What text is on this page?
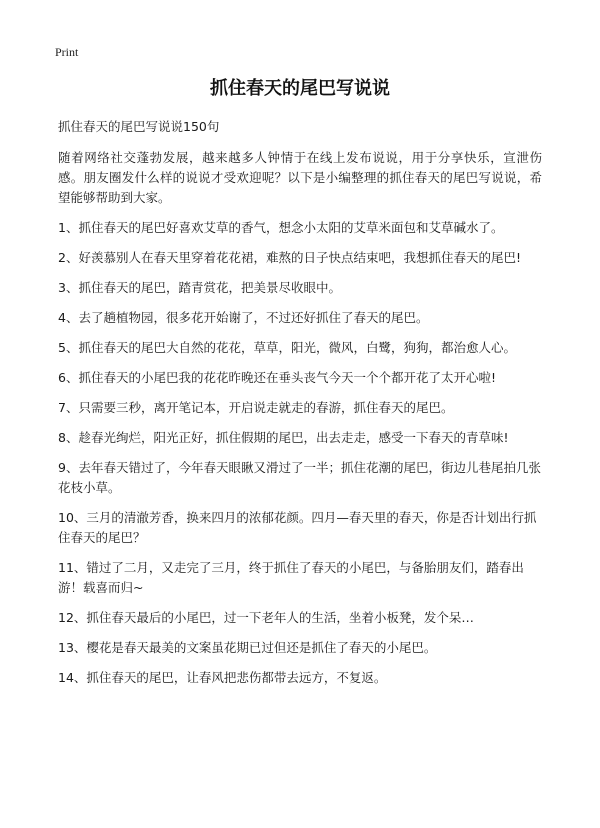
Print
抓住春天的尾巴写说说
抓住春天的尾巴写说说150句
随着网络社交蓬勃发展，越来越多人钟情于在线上发布说说，用于分享快乐，宣泄伤感。朋友圈发什么样的说说才受欢迎呢？以下是小编整理的抓住春天的尾巴写说说，希望能够帮助到大家。
1、抓住春天的尾巴好喜欢艾草的香气，想念小太阳的艾草米面包和艾草碱水了。
2、好羡慕别人在春天里穿着花花裙，难熬的日子快点结束吧，我想抓住春天的尾巴!
3、抓住春天的尾巴，踏青赏花，把美景尽收眼中。
4、去了趟植物园，很多花开始谢了，不过还好抓住了春天的尾巴。
5、抓住春天的尾巴大自然的花花，草草，阳光，微风，白鹭，狗狗，都治愈人心。
6、抓住春天的小尾巴我的花花昨晚还在垂头丧气今天一个个都开花了太开心啦!
7、只需要三秒，离开笔记本，开启说走就走的春游，抓住春天的尾巴。
8、趁春光绚烂，阳光正好，抓住假期的尾巴，出去走走，感受一下春天的青草味!
9、去年春天错过了，今年春天眼瞅又滑过了一半；抓住花潮的尾巴，街边儿巷尾拍几张花枝小草。
10、三月的清澈芳香，换来四月的浓郁花颜。四月—春天里的春天，你是否计划出行抓住春天的尾巴？
11、错过了二月，又走完了三月，终于抓住了春天的小尾巴，与备胎朋友们，踏春出游！载喜而归~
12、抓住春天最后的小尾巴，过一下老年人的生活，坐着小板凳，发个呆…
13、樱花是春天最美的文案虽花期已过但还是抓住了春天的小尾巴。
14、抓住春天的尾巴，让春风把悲伤都带去远方，不复返。
